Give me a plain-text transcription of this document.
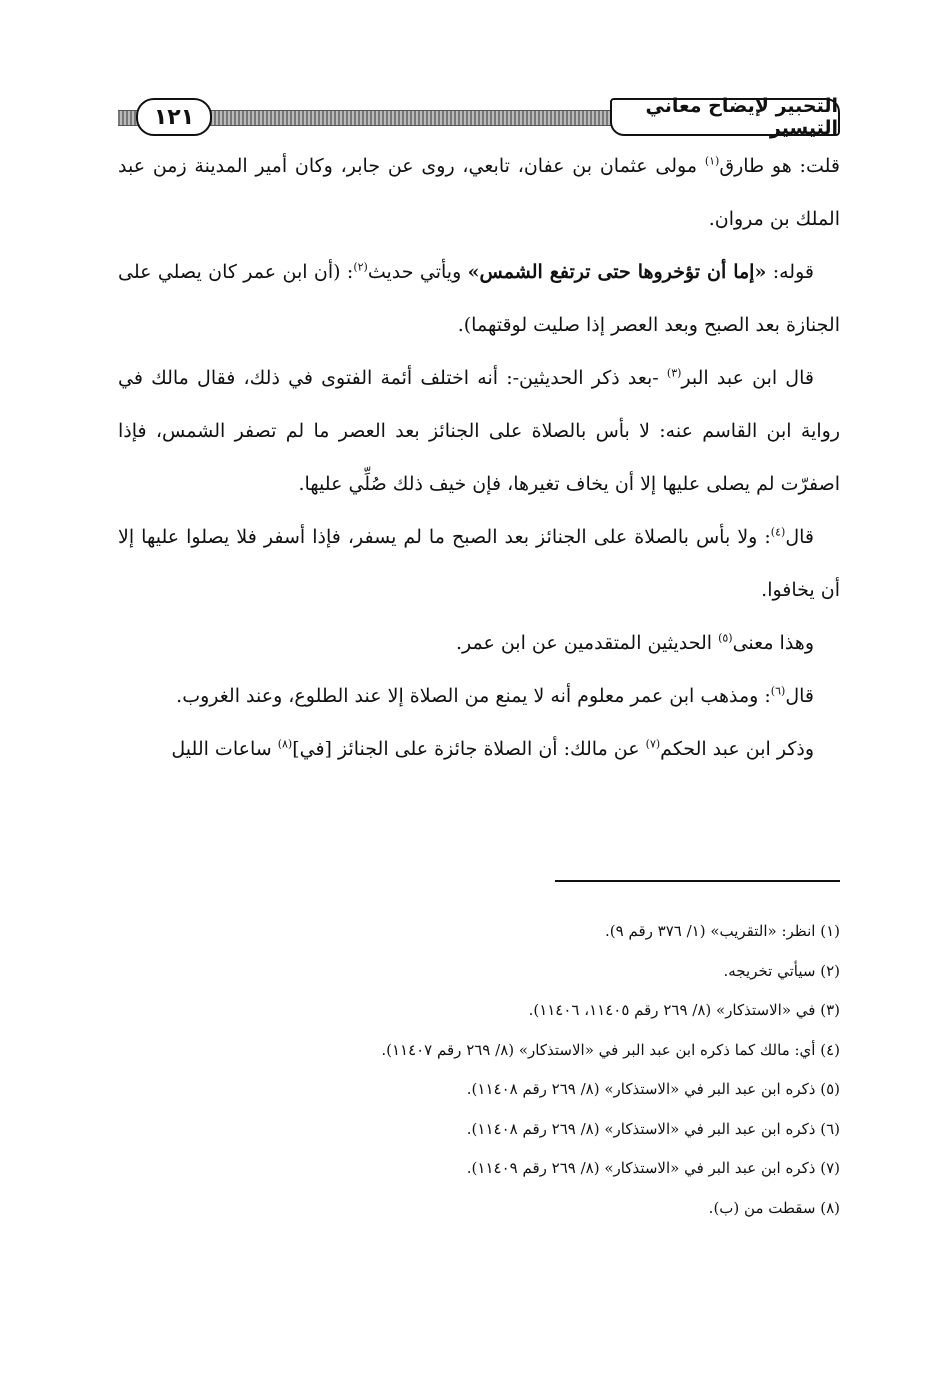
١٢١	التحبير لإيضاح معاني التيسير

قلت: هو طارق$^{(١)}$ مولى عثمان بن عفان، تابعي، روى عن جابر، وكان أمير المدينة زمن عبد الملك بن مروان.

قوله: «إما أن تؤخروها حتى ترتفع الشمس» ويأتي حديث$^{(٢)}$: (أن ابن عمر كان يصلي على الجنازة بعد الصبح وبعد العصر إذا صليت لوقتهما).

قال ابن عبد البر$^{(٣)}$ -بعد ذكر الحديثين-: أنه اختلف أئمة الفتوى في ذلك، فقال مالك في رواية ابن القاسم عنه: لا بأس بالصلاة على الجنائز بعد العصر ما لم تصفر الشمس، فإذا اصفرّت لم يصلى عليها إلا أن يخاف تغيرها، فإن خيف ذلك صُلِّي عليها.

قال$^{(٤)}$: ولا بأس بالصلاة على الجنائز بعد الصبح ما لم يسفر، فإذا أسفر فلا يصلوا عليها إلا أن يخافوا.

وهذا معنى$^{(٥)}$ الحديثين المتقدمين عن ابن عمر.

قال$^{(٦)}$: ومذهب ابن عمر معلوم أنه لا يمنع من الصلاة إلا عند الطلوع، وعند الغروب.

وذكر ابن عبد الحكم$^{(٧)}$ عن مالك: أن الصلاة جائزة على الجنائز [في]$^{(٨)}$ ساعات الليل

(١) انظر: «التقريب» (١/ ٣٧٦ رقم ٩).
(٢) سيأتي تخريجه.
(٣) في «الاستذكار» (٨/ ٢٦٩ رقم ١١٤٠٥، ١١٤٠٦).
(٤) أي: مالك كما ذكره ابن عبد البر في «الاستذكار» (٨/ ٢٦٩ رقم ١١٤٠٧).
(٥) ذكره ابن عبد البر في «الاستذكار» (٨/ ٢٦٩ رقم ١١٤٠٨).
(٦) ذكره ابن عبد البر في «الاستذكار» (٨/ ٢٦٩ رقم ١١٤٠٨).
(٧) ذكره ابن عبد البر في «الاستذكار» (٨/ ٢٦٩ رقم ١١٤٠٩).
(٨) سقطت من (ب).
